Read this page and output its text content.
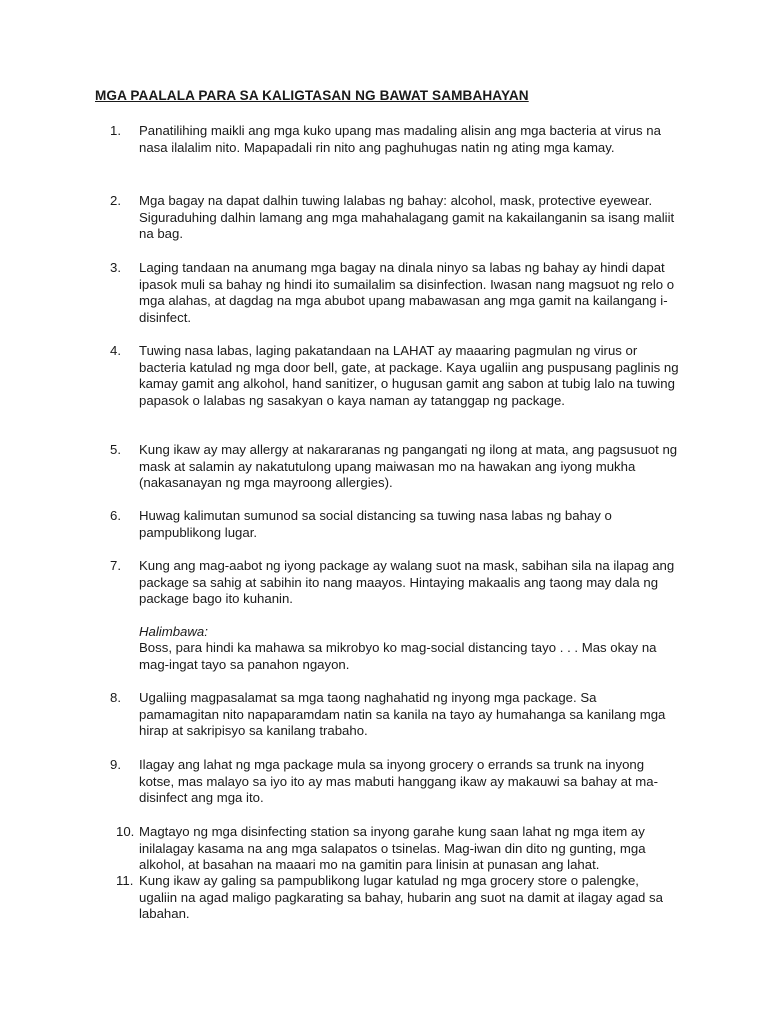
MGA PAALALA PARA SA KALIGTASAN NG BAWAT SAMBAHAYAN
1.	Panatilihing maikli ang mga kuko upang mas madaling alisin ang mga bacteria at virus na nasa ilalalim nito. Mapapadali rin nito ang paghuhugas natin ng ating mga kamay.
2.	Mga bagay na dapat dalhin tuwing lalabas ng bahay: alcohol, mask, protective eyewear. Siguraduhing dalhin lamang ang mga mahahalagang gamit na kakailanganin sa isang maliit na bag.
3.	Laging tandaan na anumang mga bagay na dinala ninyo sa labas ng bahay ay hindi dapat ipasok muli sa bahay ng hindi ito sumailalim sa disinfection. Iwasan nang magsuot ng relo o mga alahas, at dagdag na mga abubot upang mabawasan ang mga gamit na kailangang i-disinfect.
4.	Tuwing nasa labas, laging pakatandaan na LAHAT ay maaaring pagmulan ng virus or bacteria katulad ng mga door bell, gate, at package. Kaya ugaliin ang puspusang paglinis ng kamay gamit ang alkohol, hand sanitizer, o hugusan gamit ang sabon at tubig lalo na tuwing papasok o lalabas ng sasakyan o kaya naman ay tatanggap ng package.
5.	Kung ikaw ay may allergy at nakararanas ng pangangati ng ilong at mata, ang pagsusuot ng mask at salamin ay nakatutulong upang maiwasan mo na hawakan ang iyong mukha (nakasanayan ng mga mayroong allergies).
6.	Huwag kalimutan sumunod sa social distancing sa tuwing nasa labas ng bahay o pampublikong lugar.
7.	Kung ang mag-aabot ng iyong package ay walang suot na mask, sabihan sila na ilapag ang package sa sahig at sabihin ito nang maayos. Hintaying makaalis ang taong may dala ng package bago ito kuhanin.
Halimbawa:
Boss, para hindi ka mahawa sa mikrobyo ko mag-social distancing tayo . . . Mas okay na mag-ingat tayo sa panahon ngayon.
8.	Ugaliing magpasalamat sa mga taong naghahatid ng inyong mga package. Sa pamamagitan nito napaparamdam natin sa kanila na tayo ay humahanga sa kanilang mga hirap at sakripisyo sa kanilang trabaho.
9.	Ilagay ang lahat ng mga package mula sa inyong grocery o errands sa trunk na inyong kotse, mas malayo sa iyo ito ay mas mabuti hanggang ikaw ay makauwi sa bahay at ma-disinfect ang mga ito.
10. Magtayo ng mga disinfecting station sa inyong garahe kung saan lahat ng mga item ay inilalagay kasama na ang mga salapatos o tsinelas. Mag-iwan din dito ng gunting, mga alkohol, at basahan na maaari mo na gamitin para linisin at punasan ang lahat.
11. Kung ikaw ay galing sa pampublikong lugar katulad ng mga grocery store o palengke, ugaliin na agad maligo pagkarating sa bahay, hubarin ang suot na damit at ilagay agad sa labahan.
